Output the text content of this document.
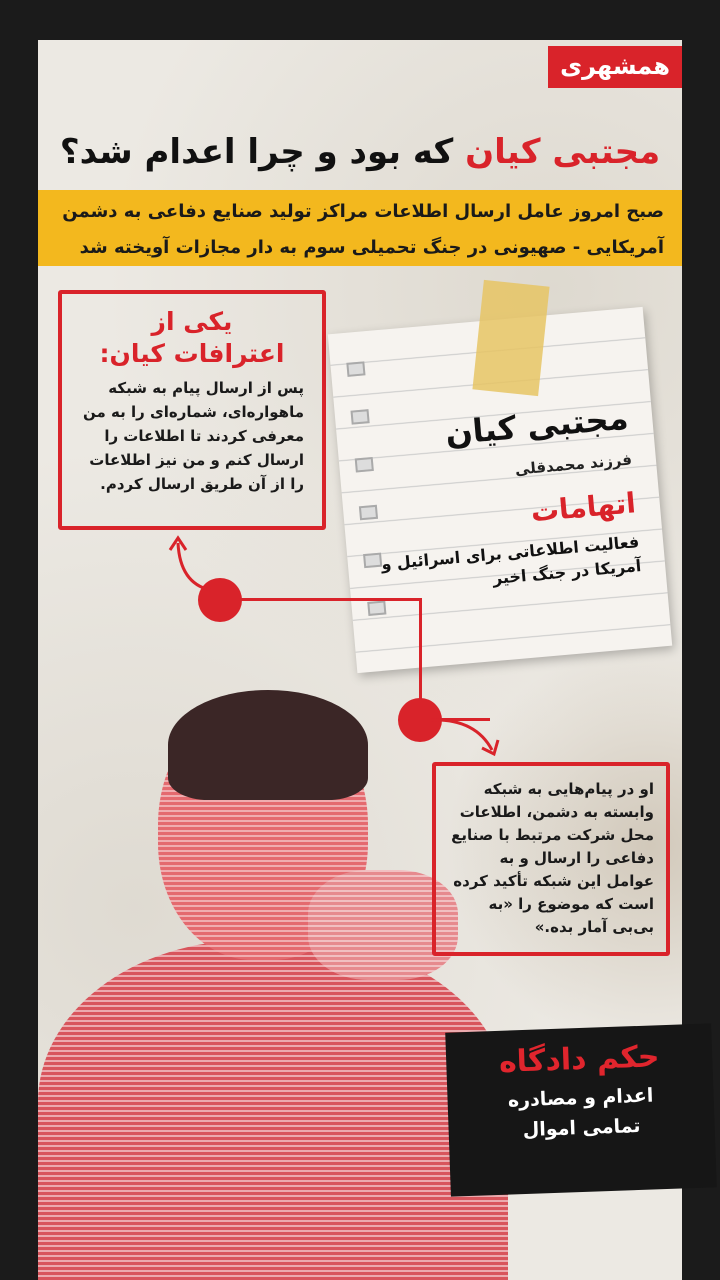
همشهری
مجتبی کیان که بود و چرا اعدام شد؟

صبح امروز عامل ارسال اطلاعات مراکز تولید صنایع دفاعی به دشمن

آمریکایی - صهیونی در جنگ تحمیلی سوم به دار مجازات آویخته شد

یکی از
اعترافات کیان:
پس از ارسال پیام به شبکه ماهواره‌ای، شماره‌ای را به من معرفی کردند تا اطلاعات را ارسال کنم و من نیز اطلاعات را از آن طریق ارسال کردم.
مجتبی کیان
فرزند محمدقلی
اتهامات
فعالیت اطلاعاتی برای اسرائیل و آمریکا در جنگ اخیر
او در پیام‌هایی به شبکه وابسته به دشمن، اطلاعات محل شرکت مرتبط با صنایع دفاعی را ارسال و به عوامل این شبکه تأکید کرده است که موضوع را «به بی‌بی آمار بده.»
حکم دادگاه
اعدام و مصادره
تمامی اموال
